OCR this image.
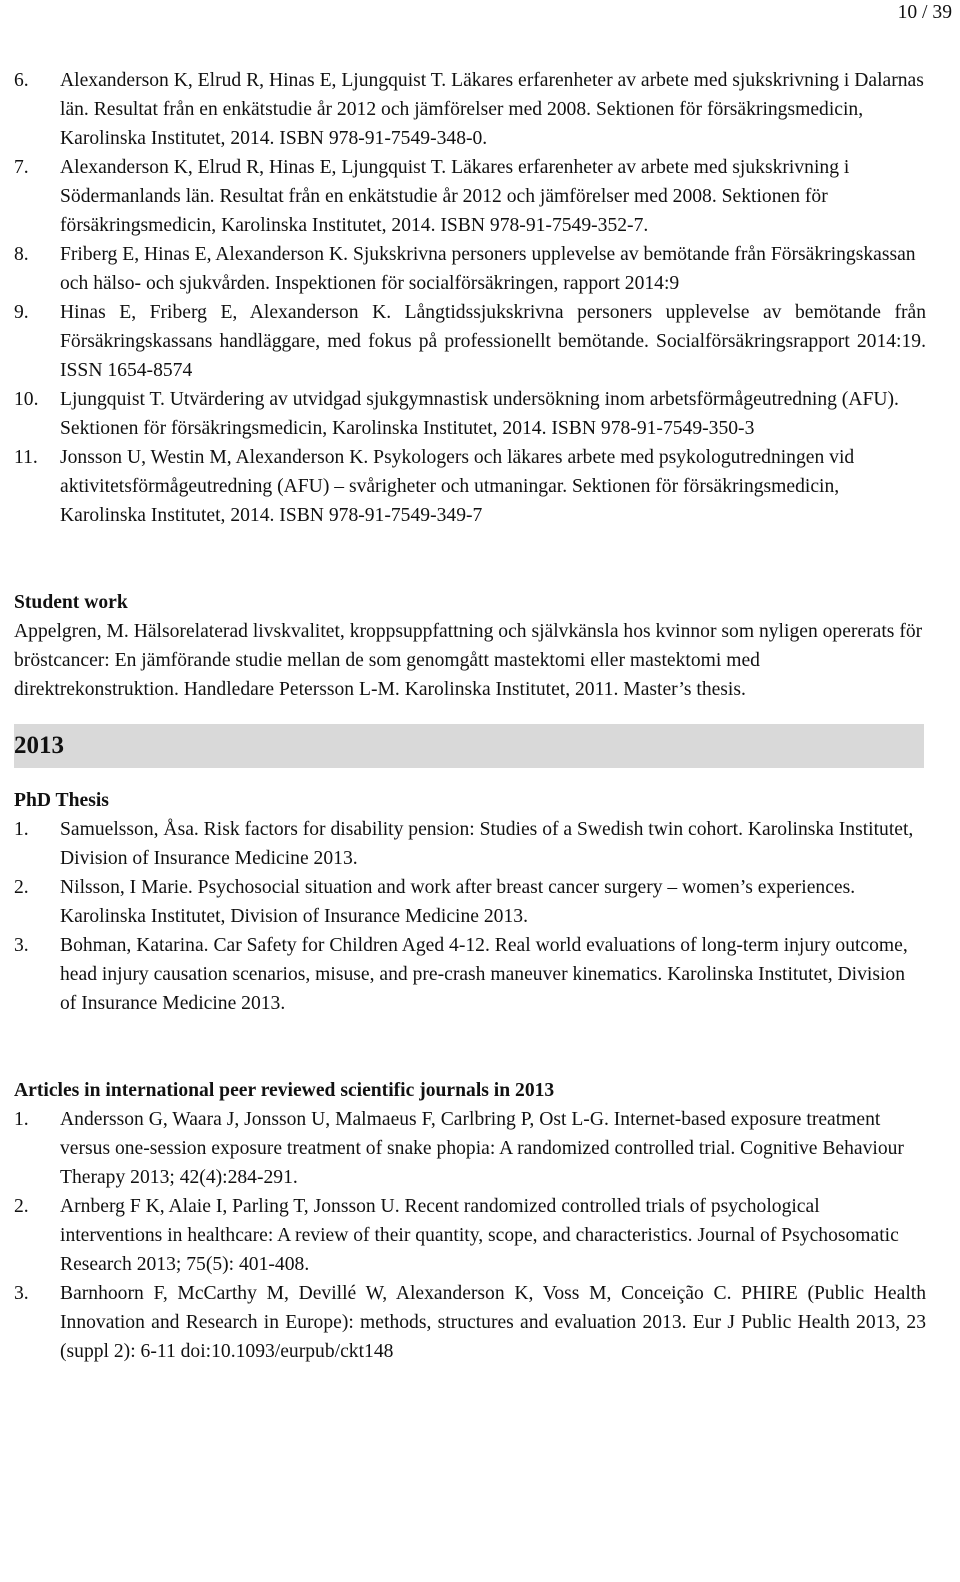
10 / 39
6.	Alexanderson K, Elrud R, Hinas E, Ljungquist T. Läkares erfarenheter av arbete med sjukskrivning i Dalarnas län. Resultat från en enkätstudie år 2012 och jämförelser med 2008. Sektionen för försäkringsmedicin, Karolinska Institutet, 2014. ISBN 978-91-7549-348-0.
7.	Alexanderson K, Elrud R, Hinas E, Ljungquist T. Läkares erfarenheter av arbete med sjukskrivning i Södermanlands län. Resultat från en enkätstudie år 2012 och jämförelser med 2008. Sektionen för försäkringsmedicin, Karolinska Institutet, 2014. ISBN 978-91-7549-352-7.
8.	Friberg E, Hinas E, Alexanderson K. Sjukskrivna personers upplevelse av bemötande från Försäkringskassan och hälso- och sjukvården. Inspektionen för socialförsäkringen, rapport 2014:9
9.	Hinas E, Friberg E, Alexanderson K. Långtidssjukskrivna personers upplevelse av bemötande från Försäkringskassans handläggare, med fokus på professionellt bemötande. Socialförsäkringsrapport 2014:19. ISSN 1654-8574
10.	Ljungquist T. Utvärdering av utvidgad sjukgymnastisk undersökning inom arbetsförmågeutredning (AFU). Sektionen för försäkringsmedicin, Karolinska Institutet, 2014. ISBN 978-91-7549-350-3
11.	Jonsson U, Westin M, Alexanderson K. Psykologers och läkares arbete med psykologutredningen vid aktivitetsförmågeutredning (AFU) – svårigheter och utmaningar. Sektionen för försäkringsmedicin, Karolinska Institutet, 2014. ISBN 978-91-7549-349-7

Student work

Appelgren, M. Hälsorelaterad livskvalitet, kroppsuppfattning och självkänsla hos kvinnor som nyligen opererats för bröstcancer: En jämförande studie mellan de som genomgått mastektomi eller mastektomi med direktrekonstruktion. Handledare Petersson L-M. Karolinska Institutet, 2011. Master’s thesis.
2013

PhD Thesis

1.	Samuelsson, Åsa. Risk factors for disability pension: Studies of a Swedish twin cohort. Karolinska Institutet, Division of Insurance Medicine 2013.
2.	Nilsson, I Marie. Psychosocial situation and work after breast cancer surgery – women’s experiences. Karolinska Institutet, Division of Insurance Medicine 2013.
3.	Bohman, Katarina. Car Safety for Children Aged 4-12. Real world evaluations of long-term injury outcome, head injury causation scenarios, misuse, and pre-crash maneuver kinematics. Karolinska Institutet, Division of Insurance Medicine 2013.

Articles in international peer reviewed scientific journals in 2013

1.	Andersson G, Waara J, Jonsson U, Malmaeus F, Carlbring P, Ost L-G. Internet-based exposure treatment versus one-session exposure treatment of snake phopia: A randomized controlled trial. Cognitive Behaviour Therapy 2013; 42(4):284-291.
2.	Arnberg F K, Alaie I, Parling T, Jonsson U. Recent randomized controlled trials of psychological interventions in healthcare: A review of their quantity, scope, and characteristics. Journal of Psychosomatic Research 2013; 75(5): 401-408.
3.	Barnhoorn F, McCarthy M, Devillé W, Alexanderson K, Voss M, Conceição C. PHIRE (Public Health Innovation and Research in Europe): methods, structures and evaluation 2013. Eur J Public Health 2013, 23 (suppl 2): 6-11 doi:10.1093/eurpub/ckt148
